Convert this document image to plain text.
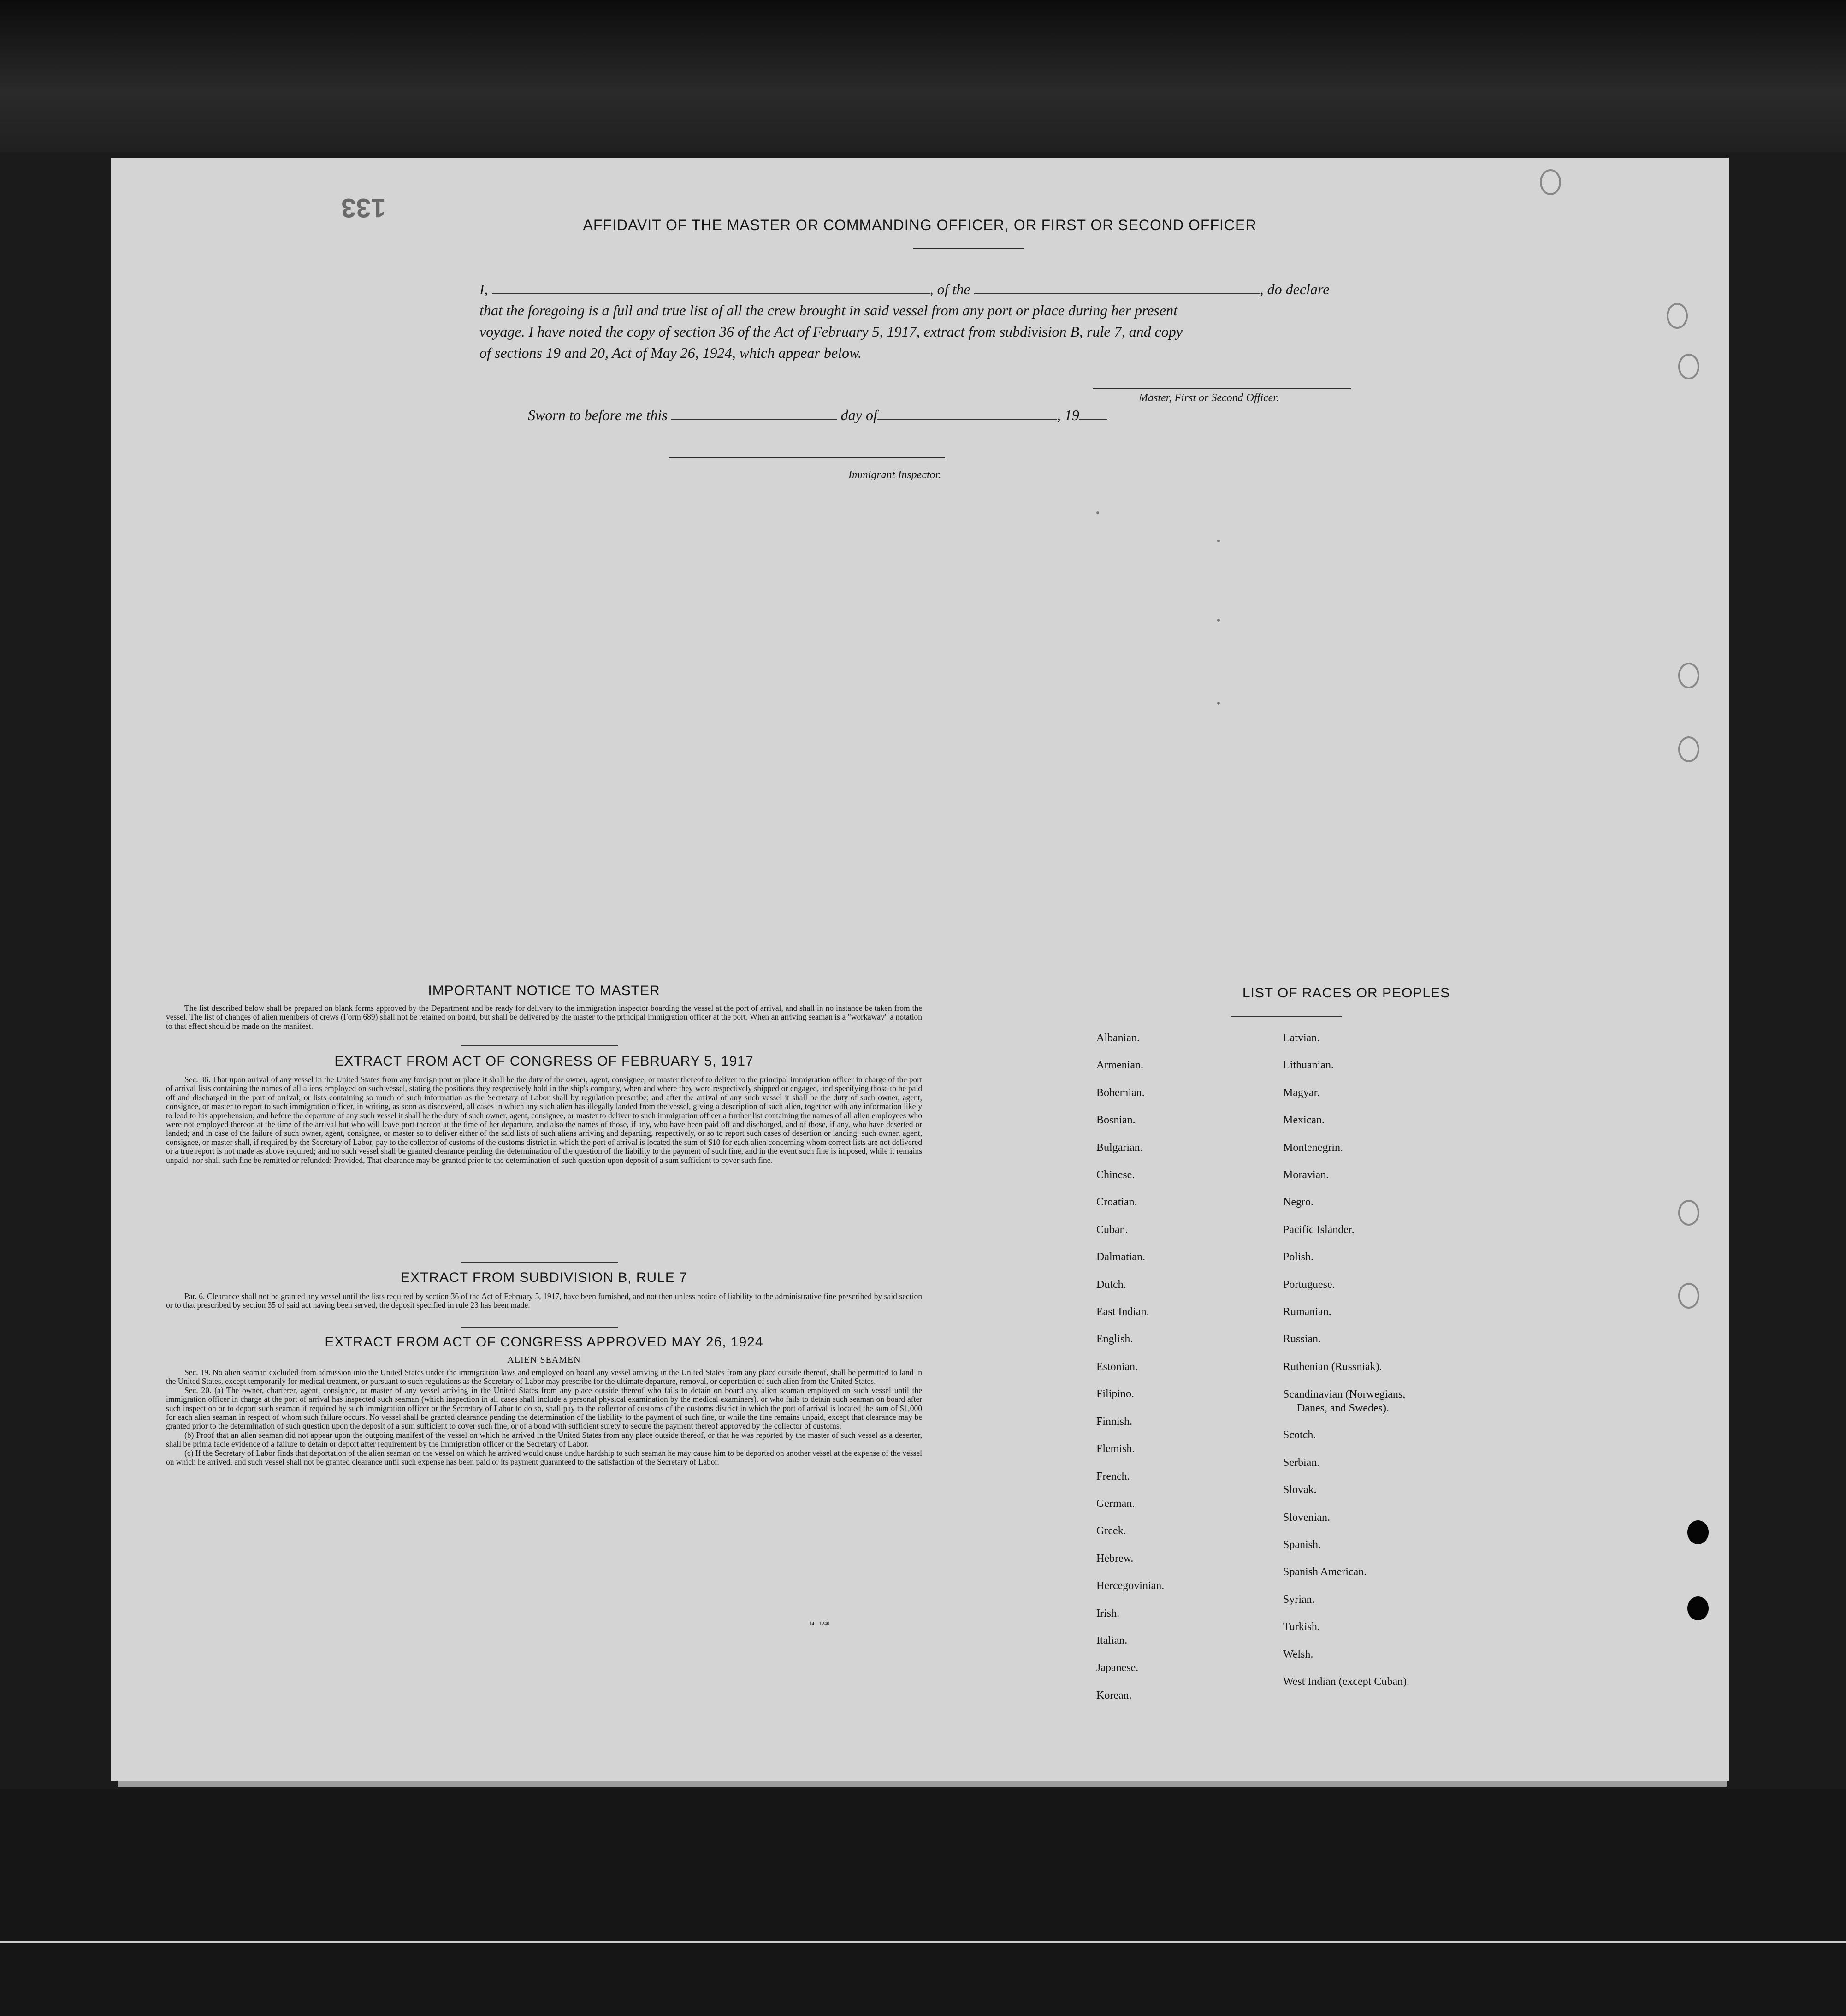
133
AFFIDAVIT OF THE MASTER OR COMMANDING OFFICER, OR FIRST OR SECOND OFFICER
I,	, of the	, do declare
that the foregoing is a full and true list of all the crew brought in said vessel from any port or place during her present
voyage. I have noted the copy of section 36 of the Act of February 5, 1917, extract from subdivision B, rule 7, and copy
of sections 19 and 20, Act of May 26, 1924, which appear below.
Master, First or Second Officer.
Sworn to before me this	day of	, 19
Immigrant Inspector.
IMPORTANT NOTICE TO MASTER

The list described below shall be prepared on blank forms approved by the Department and be ready for delivery to the immigration inspector boarding the vessel at the port of arrival, and shall in no instance be taken from the vessel. The list of changes of alien members of crews (Form 689) shall not be retained on board, but shall be delivered by the master to the principal immigration officer at the port. When an arriving seaman is a "workaway" a notation to that effect should be made on the manifest.

EXTRACT FROM ACT OF CONGRESS OF FEBRUARY 5, 1917

Sec. 36. That upon arrival of any vessel in the United States from any foreign port or place it shall be the duty of the owner, agent, consignee, or master thereof to deliver to the principal immigration officer in charge of the port of arrival lists containing the names of all aliens employed on such vessel, stating the positions they respectively hold in the ship's company, when and where they were respectively shipped or engaged, and specifying those to be paid off and discharged in the port of arrival; or lists containing so much of such information as the Secretary of Labor shall by regulation prescribe; and after the arrival of any such vessel it shall be the duty of such owner, agent, consignee, or master to report to such immigration officer, in writing, as soon as discovered, all cases in which any such alien has illegally landed from the vessel, giving a description of such alien, together with any information likely to lead to his apprehension; and before the departure of any such vessel it shall be the duty of such owner, agent, consignee, or master to deliver to such immigration officer a further list containing the names of all alien employees who were not employed thereon at the time of the arrival but who will leave port thereon at the time of her departure, and also the names of those, if any, who have been paid off and discharged, and of those, if any, who have deserted or landed; and in case of the failure of such owner, agent, consignee, or master so to deliver either of the said lists of such aliens arriving and departing, respectively, or so to report such cases of desertion or landing, such owner, agent, consignee, or master shall, if required by the Secretary of Labor, pay to the collector of customs of the customs district in which the port of arrival is located the sum of $10 for each alien concerning whom correct lists are not delivered or a true report is not made as above required; and no such vessel shall be granted clearance pending the determination of the question of the liability to the payment of such fine, and in the event such fine is imposed, while it remains unpaid; nor shall such fine be remitted or refunded: Provided, That clearance may be granted prior to the determination of such question upon deposit of a sum sufficient to cover such fine.

EXTRACT FROM SUBDIVISION B, RULE 7

Par. 6. Clearance shall not be granted any vessel until the lists required by section 36 of the Act of February 5, 1917, have been furnished, and not then unless notice of liability to the administrative fine prescribed by said section or to that prescribed by section 35 of said act having been served, the deposit specified in rule 23 has been made.

EXTRACT FROM ACT OF CONGRESS APPROVED MAY 26, 1924
ALIEN SEAMEN

Sec. 19. No alien seaman excluded from admission into the United States under the immigration laws and employed on board any vessel arriving in the United States from any place outside thereof, shall be permitted to land in the United States, except temporarily for medical treatment, or pursuant to such regulations as the Secretary of Labor may prescribe for the ultimate departure, removal, or deportation of such alien from the United States.

Sec. 20. (a) The owner, charterer, agent, consignee, or master of any vessel arriving in the United States from any place outside thereof who fails to detain on board any alien seaman employed on such vessel until the immigration officer in charge at the port of arrival has inspected such seaman (which inspection in all cases shall include a personal physical examination by the medical examiners), or who fails to detain such seaman on board after such inspection or to deport such seaman if required by such immigration officer or the Secretary of Labor to do so, shall pay to the collector of customs of the customs district in which the port of arrival is located the sum of $1,000 for each alien seaman in respect of whom such failure occurs. No vessel shall be granted clearance pending the determination of the liability to the payment of such fine, or while the fine remains unpaid, except that clearance may be granted prior to the determination of such question upon the deposit of a sum sufficient to cover such fine, or of a bond with sufficient surety to secure the payment thereof approved by the collector of customs.

(b) Proof that an alien seaman did not appear upon the outgoing manifest of the vessel on which he arrived in the United States from any place outside thereof, or that he was reported by the master of such vessel as a deserter, shall be prima facie evidence of a failure to detain or deport after requirement by the immigration officer or the Secretary of Labor.

(c) If the Secretary of Labor finds that deportation of the alien seaman on the vessel on which he arrived would cause undue hardship to such seaman he may cause him to be deported on another vessel at the expense of the vessel on which he arrived, and such vessel shall not be granted clearance until such expense has been paid or its payment guaranteed to the satisfaction of the Secretary of Labor.

14—1240
LIST OF RACES OR PEOPLES
Albanian.
Armenian.
Bohemian.
Bosnian.
Bulgarian.
Chinese.
Croatian.
Cuban.
Dalmatian.
Dutch.
East Indian.
English.
Estonian.
Filipino.
Finnish.
Flemish.
French.
German.
Greek.
Hebrew.
Hercegovinian.
Irish.
Italian.
Japanese.
Korean.
Latvian.
Lithuanian.
Magyar.
Mexican.
Montenegrin.
Moravian.
Negro.
Pacific Islander.
Polish.
Portuguese.
Rumanian.
Russian.
Ruthenian (Russniak).
Scandinavian (Norwegians,
Danes, and Swedes).
Scotch.
Serbian.
Slovak.
Slovenian.
Spanish.
Spanish American.
Syrian.
Turkish.
Welsh.
West Indian (except Cuban).
